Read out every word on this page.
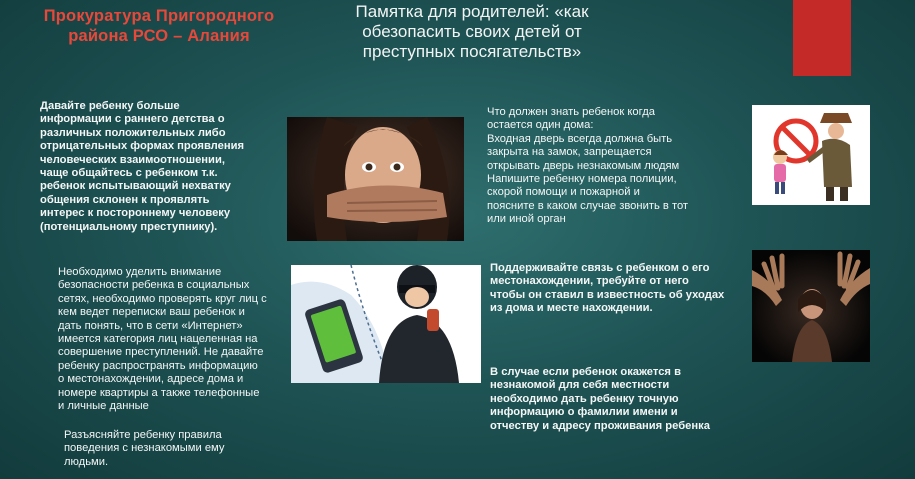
Прокуратура Пригородного
района РСО – Алания
Памятка для родителей: «как
обезопасить своих детей от
преступных посягательств»
Давайте ребенку больше
информации с раннего детства о
различных положительных либо
отрицательных формах проявления
человеческих взаимоотношении,
чаще общайтесь с ребенком т.к.
ребенок испытывающий нехватку
общения склонен к проявлять
интерес к постороннему человеку
(потенциальному преступнику).
Необходимо уделить внимание
безопасности ребенка в социальных
сетях, необходимо проверять круг лиц с
кем ведет переписки ваш ребенок и
дать понять, что в сети «Интернет»
имеется категория лиц нацеленная на
совершение преступлений. Не давайте
ребенку распространять информацию
о местонахождении, адресе дома и
номере квартиры а также телефонные
и личные данные
Разъясняйте ребенку правила
поведения с незнакомыми ему
людьми.
Что должен знать ребенок когда
остается один дома:
Входная дверь всегда должна быть
закрыта на замок, запрещается
открывать дверь незнакомым людям
Напишите ребенку номера полиции,
скорой помощи и пожарной и
поясните в каком случае звонить в тот
или иной орган
Поддерживайте связь с ребенком о его
местонахождении, требуйте от него
чтобы он ставил в известность об уходах
из дома и месте нахождении.
В случае если ребенок окажется в
незнакомой для себя местности
необходимо дать ребенку точную
информацию о фамилии имени и
отчеству и адресу проживания ребенка
